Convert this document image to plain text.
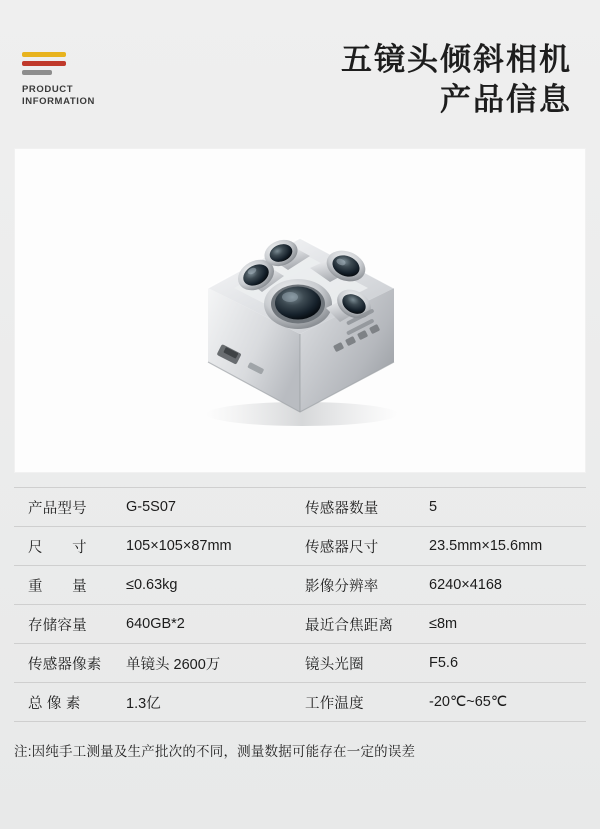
PRODUCT
INFORMATION
五镜头倾斜相机
产品信息
产品型号	G-5S07	传感器数量	5
尺　　寸	105×105×87mm	传感器尺寸	23.5mm×15.6mm
重　　量	≤0.63kg	影像分辨率	6240×4168
存储容量	640GB*2	最近合焦距离	≤8m
传感器像素	单镜头 2600万	镜头光圈	F5.6
总 像 素	1.3亿	工作温度	-20℃~65℃
注:因纯手工测量及生产批次的不同，测量数据可能存在一定的误差
